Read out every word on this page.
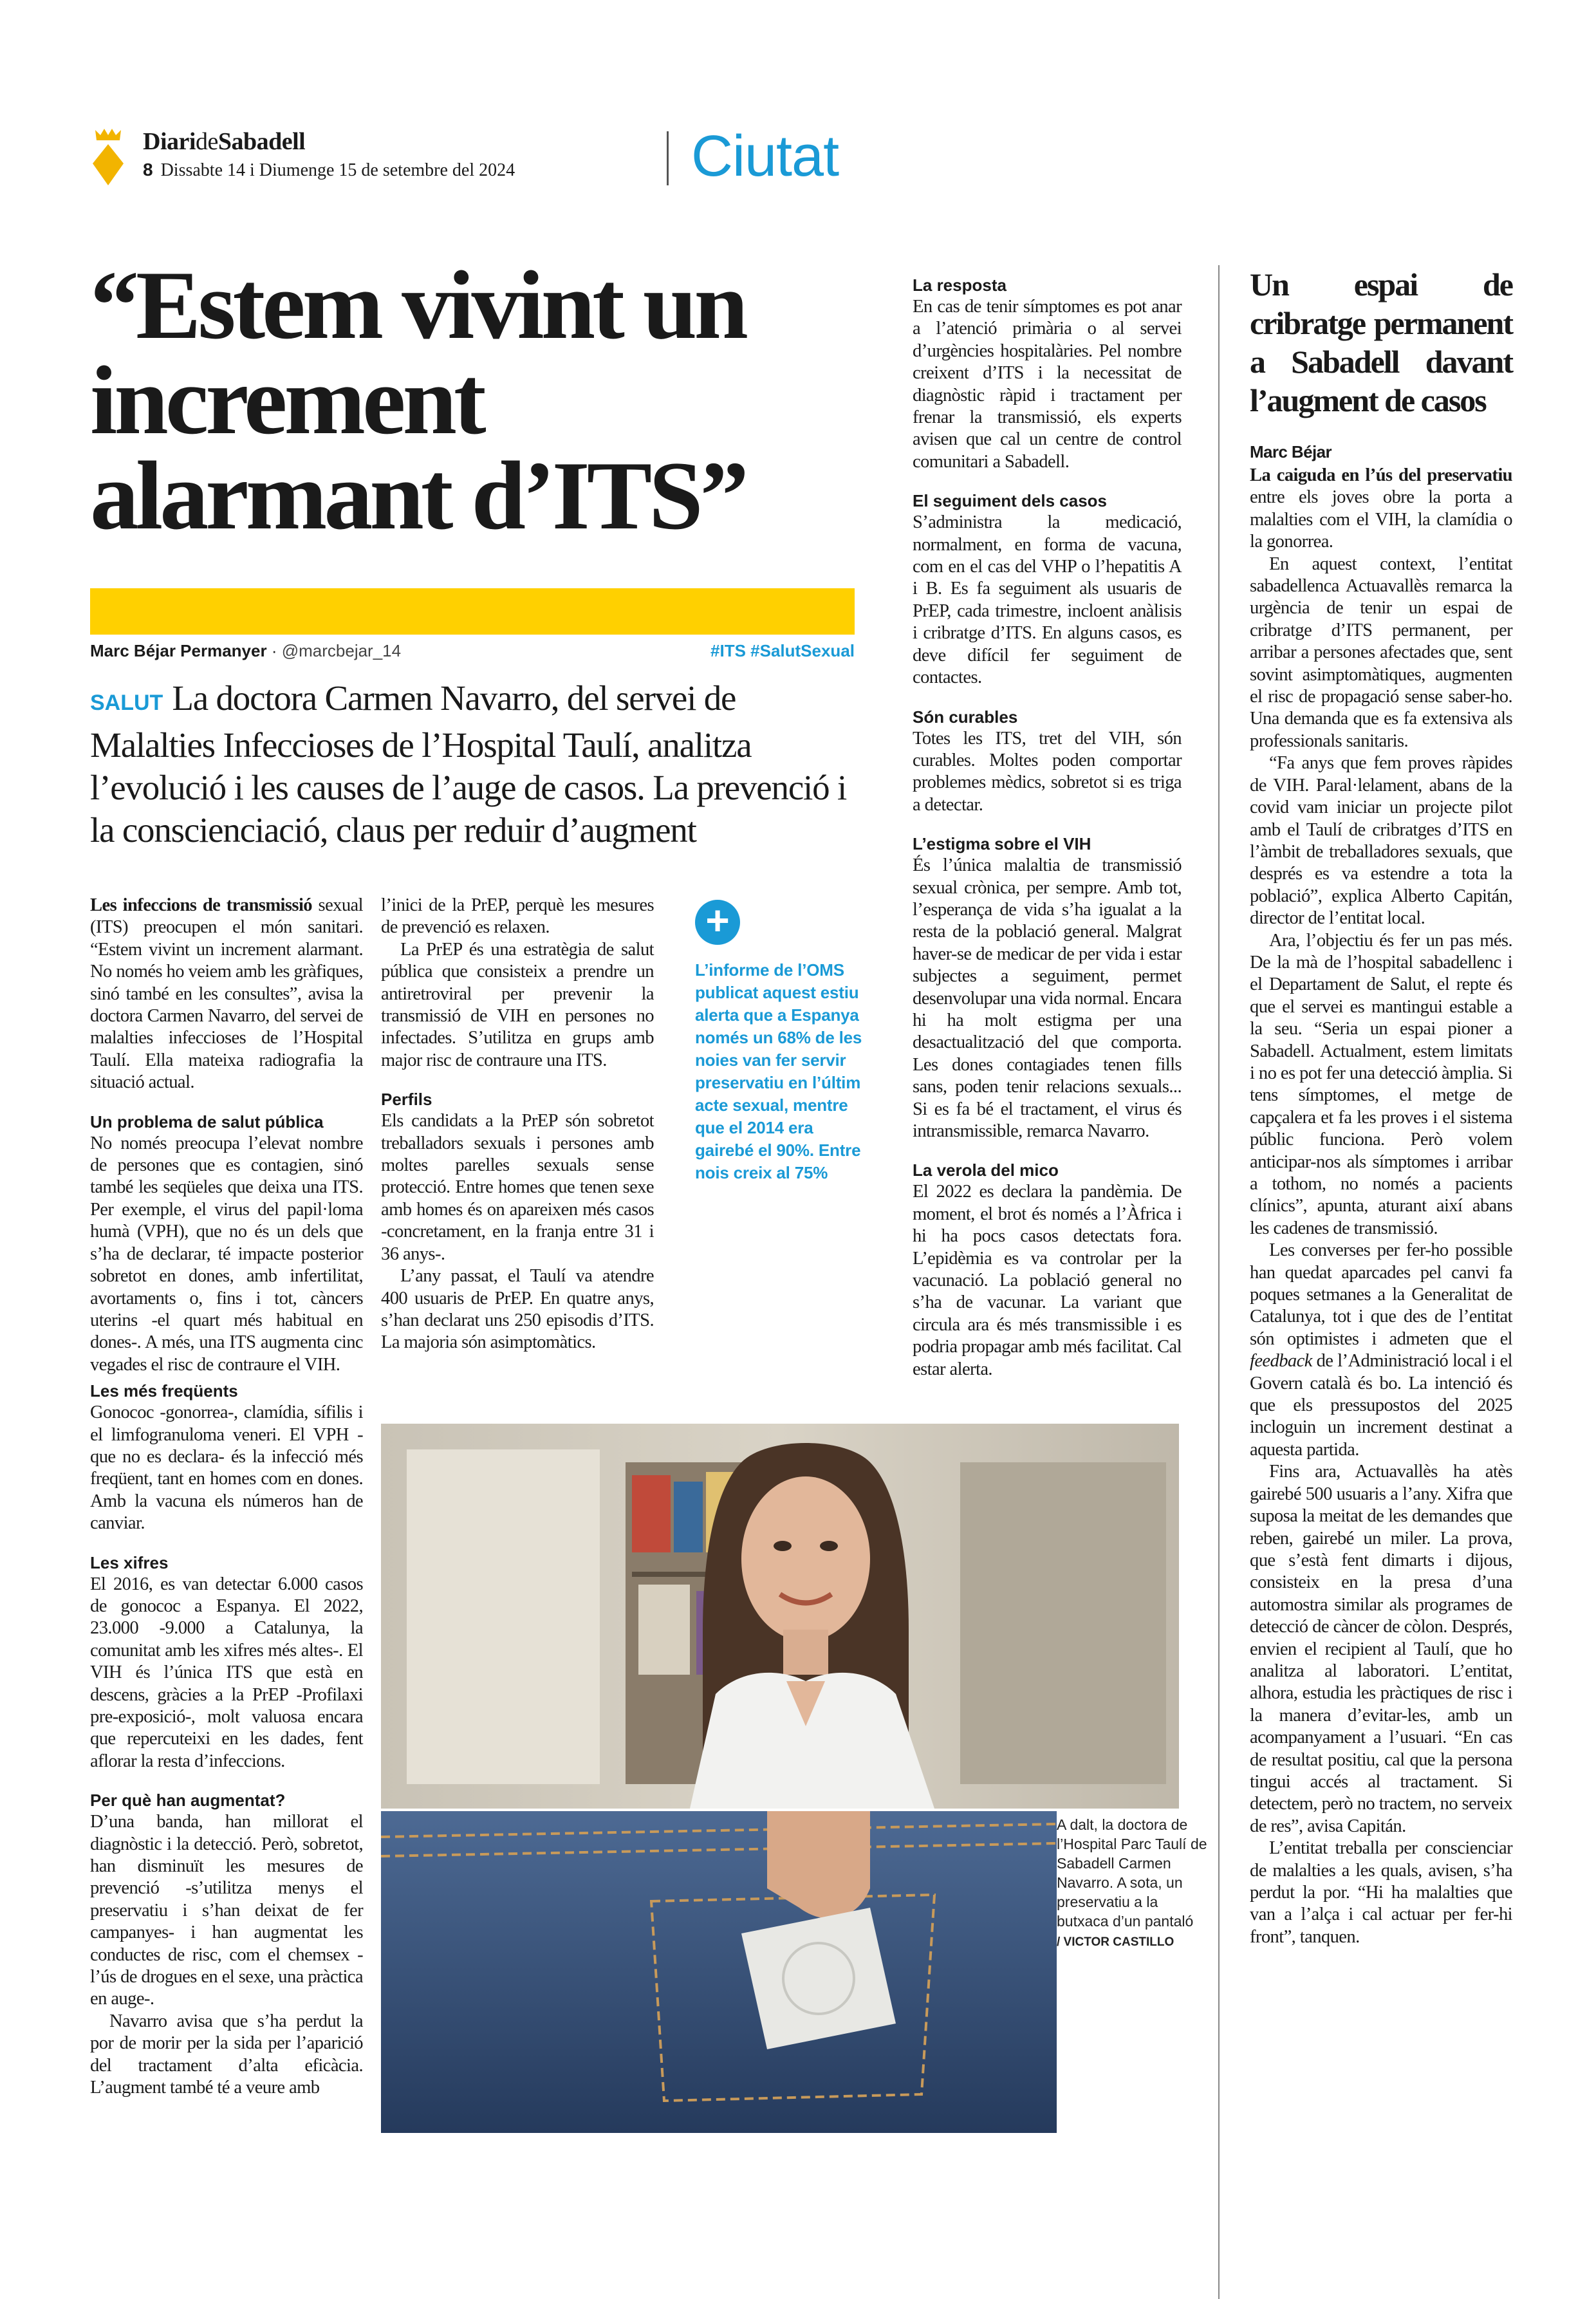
DiarideSabadell
8 Dissabte 14 i Diumenge 15 de setembre del 2024	Ciutat
“Estem vivint un increment alarmant d’ITS”
Marc Béjar Permanyer · @marcbejar_14	#ITS #SalutSexual
SALUT La doctora Carmen Navarro, del servei de Malalties Infeccioses de l’Hospital Taulí, analitza l’evolució i les causes de l’auge de casos. La prevenció i la conscienciació, claus per reduir d’augment

Les infeccions de transmissió sexual (ITS) preocupen el món sanitari. “Estem vivint un increment alarmant. No només ho veiem amb les gràfiques, sinó també en les consultes”, avisa la doctora Carmen Navarro, del servei de malalties infeccioses de l’Hospital Taulí. Ella mateixa radiografia la situació actual.

Un problema de salut pública

No només preocupa l’elevat nombre de persones que es contagien, sinó també les seqüeles que deixa una ITS. Per exemple, el virus del papil·loma humà (VPH), que no és un dels que s’ha de declarar, té impacte posterior sobretot en dones, amb infertilitat, avortaments o, fins i tot, càncers uterins -el quart més habitual en dones-. A més, una ITS augmenta cinc vegades el risc de contraure el VIH.

Les més freqüents

Gonococ -gonorrea-, clamídia, sífilis i el limfogranuloma veneri. El VPH -que no es declara- és la infecció més freqüent, tant en homes com en dones. Amb la vacuna els números han de canviar.

Les xifres

El 2016, es van detectar 6.000 casos de gonococ a Espanya. El 2022, 23.000 -9.000 a Catalunya, la comunitat amb les xifres més altes-. El VIH és l’única ITS que està en descens, gràcies a la PrEP -Profilaxi pre-exposició-, molt valuosa encara que repercuteixi en les dades, fent aflorar la resta d’infeccions.

Per què han augmentat?

D’una banda, han millorat el diagnòstic i la detecció. Però, sobretot, han disminuït les mesures de prevenció -s’utilitza menys el preservatiu i s’han deixat de fer campanyes- i han augmentat les conductes de risc, com el chemsex -l’ús de drogues en el sexe, una pràctica en auge-.

Navarro avisa que s’ha perdut la por de morir per la sida per l’aparició del tractament d’alta eficàcia. L’augment també té a veure amb

l’inici de la PrEP, perquè les mesures de prevenció es relaxen.

La PrEP és una estratègia de salut pública que consisteix a prendre un antiretroviral per prevenir la transmissió de VIH en persones no infectades. S’utilitza en grups amb major risc de contraure una ITS.

Perfils

Els candidats a la PrEP són sobretot treballadors sexuals i persones amb moltes parelles sexuals sense protecció. Entre homes que tenen sexe amb homes és on apareixen més casos -concretament, en la franja entre 31 i 36 anys-.

L’any passat, el Taulí va atendre 400 usuaris de PrEP. En quatre anys, s’han declarat uns 250 episodis d’ITS. La majoria són asimptomàtics.

+
L’informe de l’OMS publicat aquest estiu alerta que a Espanya només un 68% de les noies van fer servir preservatiu en l’últim acte sexual, mentre que el 2014 era gairebé el 90%. Entre nois creix al 75%
La resposta

En cas de tenir símptomes es pot anar a l’atenció primària o al servei d’urgències hospitalàries. Pel nombre creixent d’ITS i la necessitat de diagnòstic ràpid i tractament per frenar la transmissió, els experts avisen que cal un centre de control comunitari a Sabadell.

El seguiment dels casos

S’administra la medicació, normalment, en forma de vacuna, com en el cas del VHP o l’hepatitis A i B. Es fa seguiment als usuaris de PrEP, cada trimestre, incloent anàlisis i cribratge d’ITS. En alguns casos, es deve difícil fer seguiment de contactes.

Són curables

Totes les ITS, tret del VIH, són curables. Moltes poden comportar problemes mèdics, sobretot si es triga a detectar.

L’estigma sobre el VIH

És l’única malaltia de transmissió sexual crònica, per sempre. Amb tot, l’esperança de vida s’ha igualat a la resta de la població general. Malgrat haver-se de medicar de per vida i estar subjectes a seguiment, permet desenvolupar una vida normal. Encara hi ha molt estigma per una desactualització del que comporta. Les dones contagiades tenen fills sans, poden tenir relacions sexuals... Si es fa bé el tractament, el virus és intransmissible, remarca Navarro.

La verola del mico

El 2022 es declara la pandèmia. De moment, el brot és només a l’Àfrica i hi ha pocs casos detectats fora. L’epidèmia es va controlar per la vacunació. La població general no s’ha de vacunar. La variant que circula ara és més transmissible i es podria propagar amb més facilitat. Cal estar alerta.

Un espai de cribratge permanent a Sabadell davant l’augment de casos
Marc Béjar

La caiguda en l’ús del preservatiu entre els joves obre la porta a malalties com el VIH, la clamídia o la gonorrea.

En aquest context, l’entitat sabadellenca Actuavallès remarca la urgència de tenir un espai de cribratge d’ITS permanent, per arribar a persones afectades que, sent sovint asimptomàtiques, augmenten el risc de propagació sense saber-ho. Una demanda que es fa extensiva als professionals sanitaris.

“Fa anys que fem proves ràpides de VIH. Paral·lelament, abans de la covid vam iniciar un projecte pilot amb el Taulí de cribratges d’ITS en l’àmbit de treballadores sexuals, que després es va estendre a tota la població”, explica Alberto Capitán, director de l’entitat local.

Ara, l’objectiu és fer un pas més. De la mà de l’hospital sabadellenc i el Departament de Salut, el repte és que el servei es mantingui estable a la seu. “Seria un espai pioner a Sabadell. Actualment, estem limitats i no es pot fer una detecció àmplia. Si tens símptomes, el metge de capçalera et fa les proves i el sistema públic funciona. Però volem anticipar-nos als símptomes i arribar a tothom, no només a pacients clínics”, apunta, aturant així abans les cadenes de transmissió.

Les converses per fer-ho possible han quedat aparcades pel canvi fa poques setmanes a la Generalitat de Catalunya, tot i que des de l’entitat són optimistes i admeten que el feedback de l’Administració local i el Govern català és bo. La intenció és que els pressupostos del 2025 incloguin un increment destinat a aquesta partida.

Fins ara, Actuavallès ha atès gairebé 500 usuaris a l’any. Xifra que suposa la meitat de les demandes que reben, gairebé un miler. La prova, que s’està fent dimarts i dijous, consisteix en la presa d’una automostra similar als programes de detecció de càncer de còlon. Després, envien el recipient al Taulí, que ho analitza al laboratori. L’entitat, alhora, estudia les pràctiques de risc i la manera d’evitar-les, amb un acompanyament a l’usuari. “En cas de resultat positiu, cal que la persona tingui accés al tractament. Si detectem, però no tractem, no serveix de res”, avisa Capitán.

L’entitat treballa per conscienciar de malalties a les quals, avisen, s’ha perdut la por. “Hi ha malalties que van a l’alça i cal actuar per fer-hi front”, tanquen.

A dalt, la doctora de l’Hospital Parc Taulí de Sabadell Carmen Navarro. A sota, un preservatiu a la butxaca d’un pantaló
/ VICTOR CASTILLO
